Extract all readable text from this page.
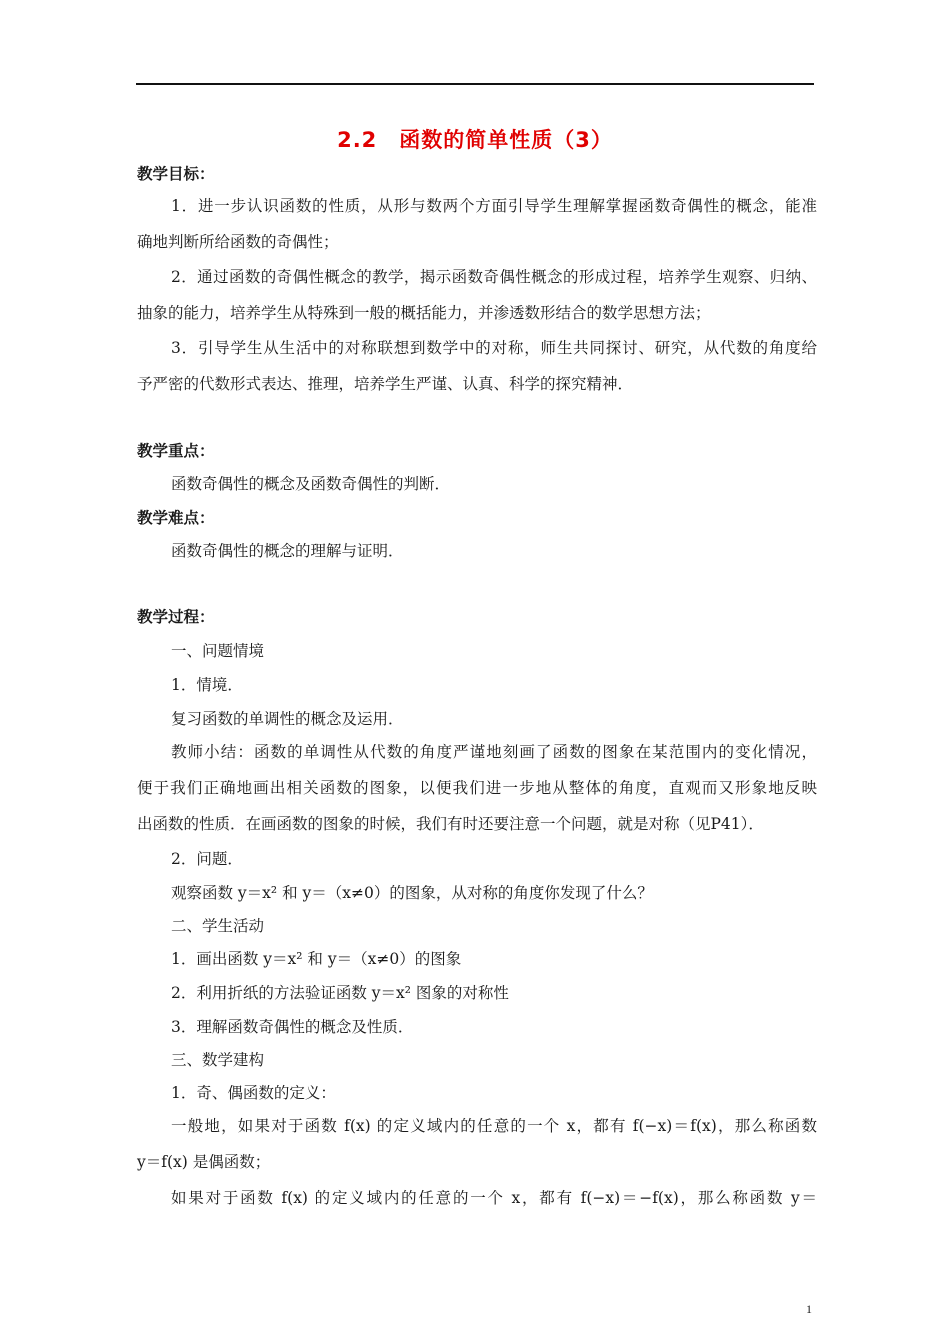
2.2　函数的简单性质（3）
教学目标：
1．进一步认识函数的性质，从形与数两个方面引导学生理解掌握函数奇偶性的概念，能准
确地判断所给函数的奇偶性；
2．通过函数的奇偶性概念的教学，揭示函数奇偶性概念的形成过程，培养学生观察、归纳、
抽象的能力，培养学生从特殊到一般的概括能力，并渗透数形结合的数学思想方法；
3．引导学生从生活中的对称联想到数学中的对称，师生共同探讨、研究，从代数的角度给
予严密的代数形式表达、推理，培养学生严谨、认真、科学的探究精神．
教学重点：
函数奇偶性的概念及函数奇偶性的判断．
教学难点：
函数奇偶性的概念的理解与证明．
教学过程：
一、问题情境
1．情境．
复习函数的单调性的概念及运用．
教师小结：函数的单调性从代数的角度严谨地刻画了函数的图象在某范围内的变化情况，
便于我们正确地画出相关函数的图象，以便我们进一步地从整体的角度，直观而又形象地反映
出函数的性质．在画函数的图象的时候，我们有时还要注意一个问题，就是对称（见P41）．
2．问题．
观察函数 y＝x² 和 y＝（x≠0）的图象，从对称的角度你发现了什么？
二、学生活动
1．画出函数 y＝x² 和 y＝（x≠0）的图象
2．利用折纸的方法验证函数 y＝x² 图象的对称性
3．理解函数奇偶性的概念及性质．
三、数学建构
1．奇、偶函数的定义：
一般地，如果对于函数 f(x) 的定义域内的任意的一个 x，都有 f(−x)＝f(x)，那么称函数
y＝f(x) 是偶函数；
如果对于函数 f(x) 的定义域内的任意的一个 x，都有 f(−x)＝−f(x)，那么称函数 y＝
1
